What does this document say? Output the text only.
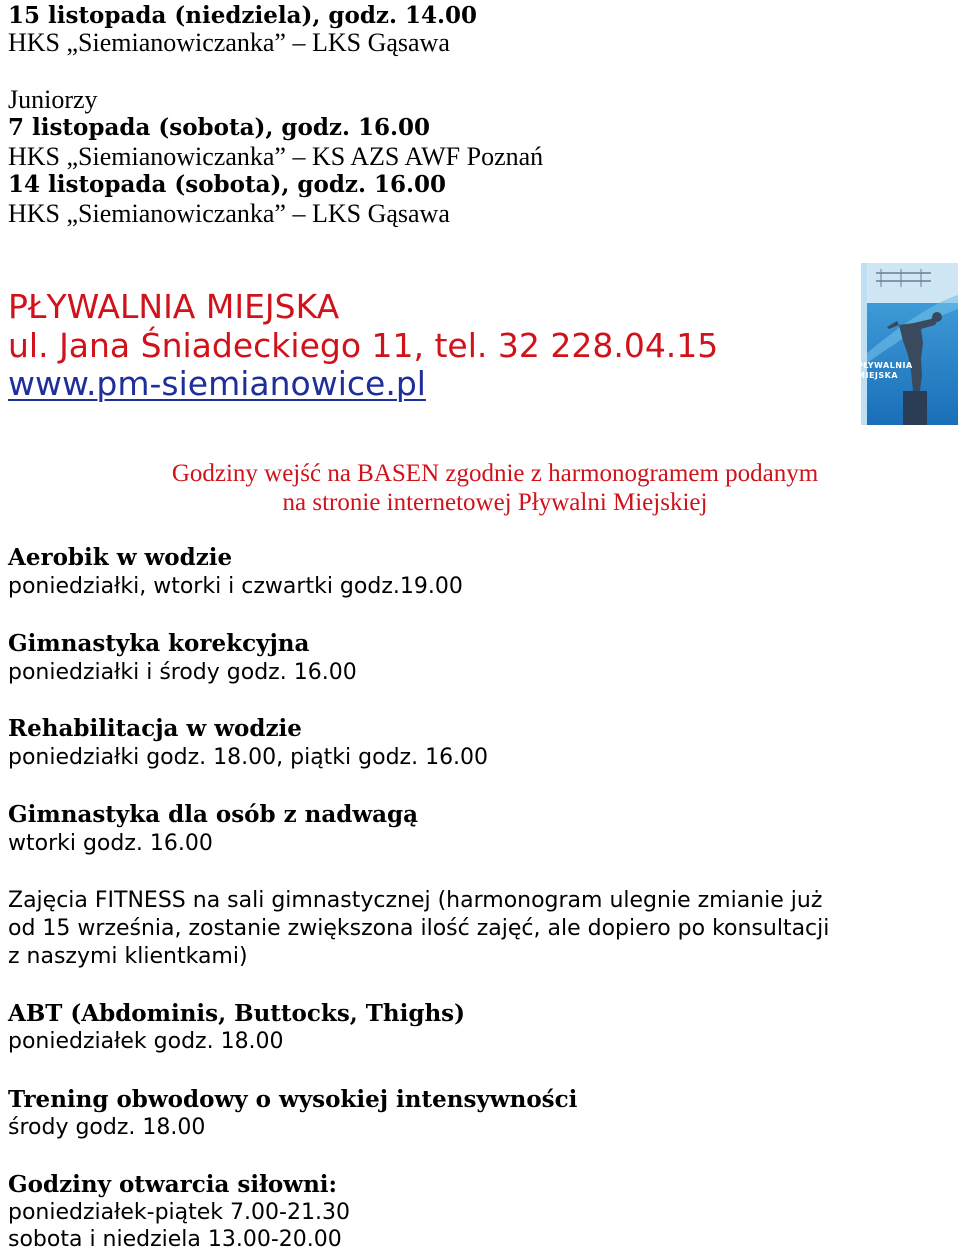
15 listopada (niedziela), godz. 14.00
HKS „Siemianowiczanka” – LKS Gąsawa
Juniorzy
7 listopada (sobota), godz. 16.00
HKS „Siemianowiczanka” – KS AZS AWF Poznań
14 listopada (sobota), godz. 16.00
HKS „Siemianowiczanka” – LKS Gąsawa
PŁYWALNIA MIEJSKA
ul. Jana Śniadeckiego 11, tel. 32 228.04.15
www.pm-siemianowice.pl	PŁYWALNIA
MIEJSKA
Godziny wejść na BASEN zgodnie z harmonogramem podanym
na stronie internetowej Pływalni Miejskiej
Aerobik w wodzie
poniedziałki, wtorki i czwartki godz.19.00
Gimnastyka korekcyjna
poniedziałki i środy godz. 16.00
Rehabilitacja w wodzie
poniedziałki godz. 18.00, piątki godz. 16.00
Gimnastyka dla osób z nadwagą
wtorki godz. 16.00
Zajęcia FITNESS na sali gimnastycznej (harmonogram ulegnie zmianie już
od 15 września, zostanie zwiększona ilość zajęć, ale dopiero po konsultacji
z naszymi klientkami)
ABT (Abdominis, Buttocks, Thighs)
poniedziałek godz. 18.00
Trening obwodowy o wysokiej intensywności
środy godz. 18.00
Godziny otwarcia siłowni:
poniedziałek-piątek 7.00-21.30
sobota i niedziela 13.00-20.00
